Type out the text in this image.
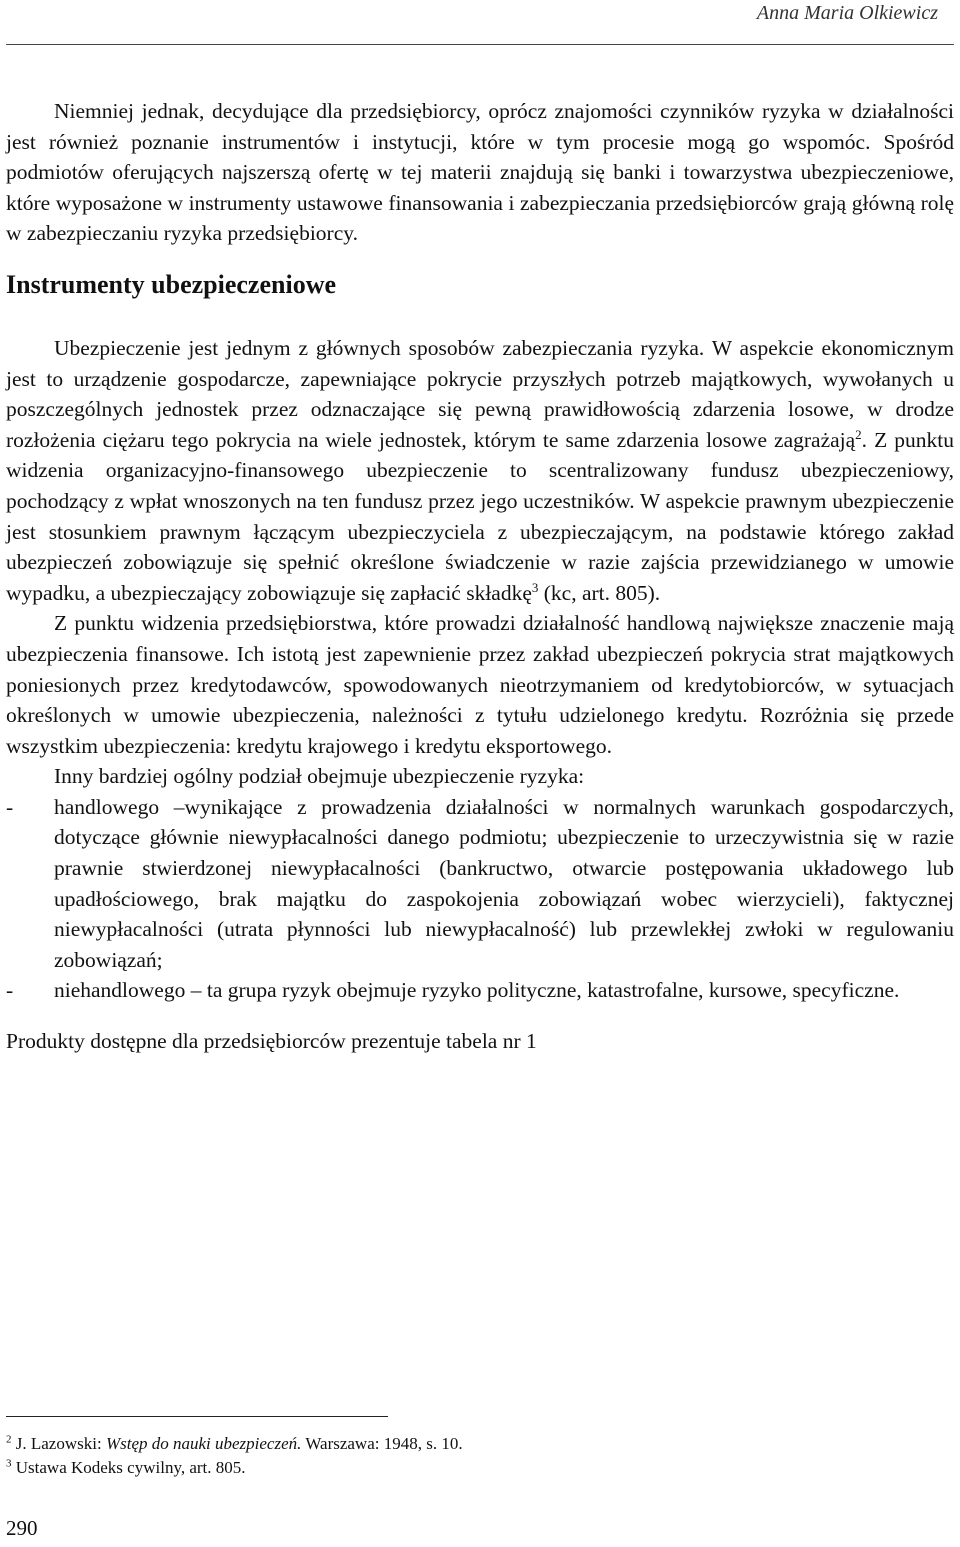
Anna Maria Olkiewicz

Niemniej jednak, decydujące dla przedsiębiorcy, oprócz znajomości czynników ryzyka w działalności jest również poznanie instrumentów i instytucji, które w tym procesie mogą go wspomóc. Spośród podmiotów oferujących najszerszą ofertę w tej materii znajdują się banki i towarzystwa ubezpieczeniowe, które wyposażone w instrumenty ustawowe finansowania i zabezpieczania przedsiębiorców grają główną rolę w zabezpieczaniu ryzyka przedsiębiorcy.

Instrumenty ubezpieczeniowe

Ubezpieczenie jest jednym z głównych sposobów zabezpieczania ryzyka. W aspekcie ekonomicznym jest to urządzenie gospodarcze, zapewniające pokrycie przyszłych potrzeb majątkowych, wywołanych u poszczególnych jednostek przez odznaczające się pewną prawidłowością zdarzenia losowe, w drodze rozłożenia ciężaru tego pokrycia na wiele jednostek, którym te same zdarzenia losowe zagrażają$^2$. Z punktu widzenia organizacyjno-finansowego ubezpieczenie to scentralizowany fundusz ubezpieczeniowy, pochodzący z wpłat wnoszonych na ten fundusz przez jego uczestników. W aspekcie prawnym ubezpieczenie jest stosunkiem prawnym łączącym ubezpieczyciela z ubezpieczającym, na podstawie którego zakład ubezpieczeń zobowiązuje się spełnić określone świadczenie w razie zajścia przewidzianego w umowie wypadku, a ubezpieczający zobowiązuje się zapłacić składkę$^3$ (kc, art. 805).

Z punktu widzenia przedsiębiorstwa, które prowadzi działalność handlową największe znaczenie mają ubezpieczenia finansowe. Ich istotą jest zapewnienie przez zakład ubezpieczeń pokrycia strat majątkowych poniesionych przez kredytodawców, spowodowanych nieotrzymaniem od kredytobiorców, w sytuacjach określonych w umowie ubezpieczenia, należności z tytułu udzielonego kredytu. Rozróżnia się przede wszystkim ubezpieczenia: kredytu krajowego i kredytu eksportowego.

Inny bardziej ogólny podział obejmuje ubezpieczenie ryzyka:

- handlowego –wynikające z prowadzenia działalności w normalnych warunkach gospodarczych, dotyczące głównie niewypłacalności danego podmiotu; ubezpieczenie to urzeczywistnia się w razie prawnie stwierdzonej niewypłacalności (bankructwo, otwarcie postępowania układowego lub upadłościowego, brak majątku do zaspokojenia zobowiązań wobec wierzycieli), faktycznej niewypłacalności (utrata płynności lub niewypłacalność) lub przewlekłej zwłoki w regulowaniu zobowiązań;

- niehandlowego – ta grupa ryzyk obejmuje ryzyko polityczne, katastrofalne, kursowe, specyficzne.

Produkty dostępne dla przedsiębiorców prezentuje tabela nr 1

$^2$ J. Lazowski: Wstęp do nauki ubezpieczeń. Warszawa: 1948, s. 10.

$^3$ Ustawa Kodeks cywilny, art. 805.

290
